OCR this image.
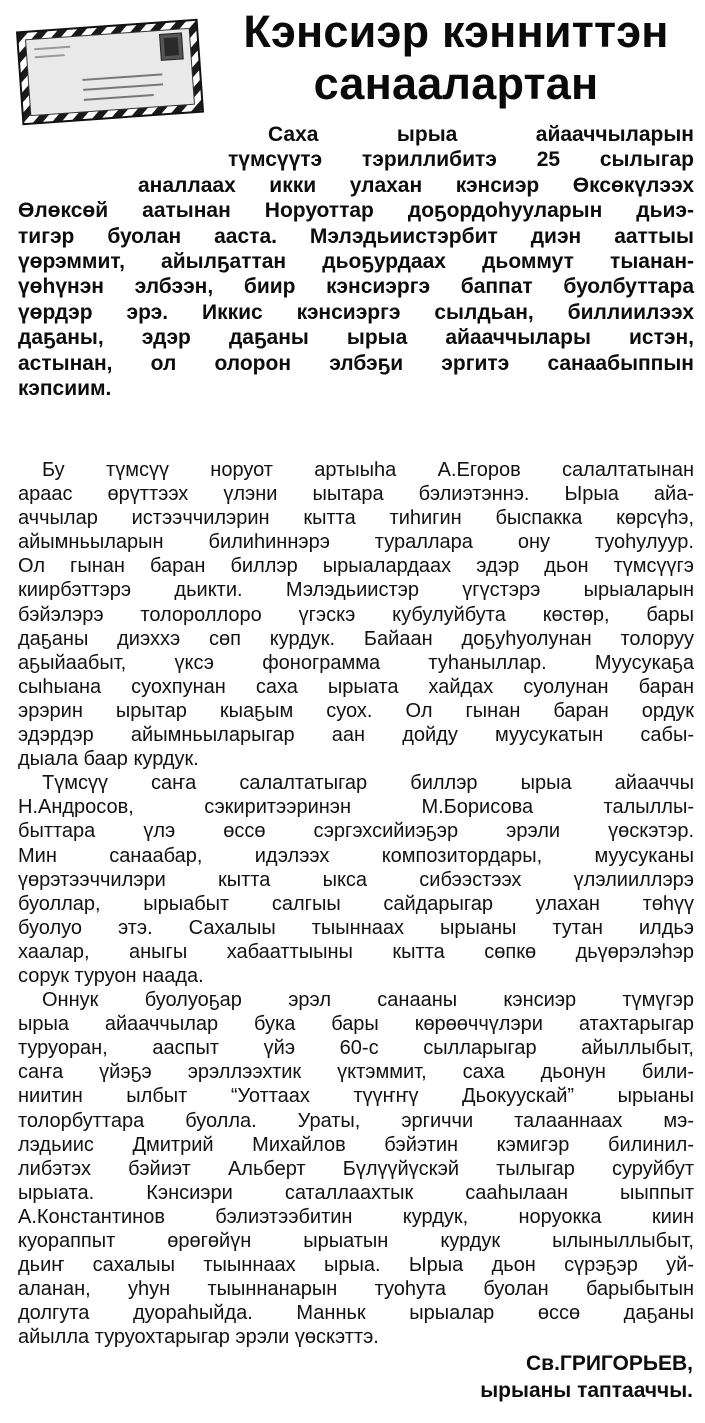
Кэнсиэр кэнниттэн
санаалартан

Саха ырыа айааччыларын
түмсүүтэ тэриллибитэ 25 сылыгар
аналлаах икки улахан кэнсиэр Өксөкүлээх
Өлөксөй аатынан Норуоттар доҕордоһууларын дьиэ-
тигэр буолан ааста. Мэлэдьиистэрбит диэн ааттыы
үөрэммит, айылҕаттан дьоҕурдаах дьоммут тыанан-
үөһүнэн элбээн, биир кэнсиэргэ баппат буолбуттара
үөрдэр эрэ. Иккис кэнсиэргэ сылдьан, биллиилээх
даҕаны, эдэр даҕаны ырыа айааччылары истэн,
астынан, ол олорон элбэҕи эргитэ санаабыппын
кэпсиим.

Бу түмсүү норуот артыыһа А.Егоров салалтатынан
араас өрүттээх үлэни ыытара бэлиэтэннэ. Ырыа айа-
аччылар истээччилэрин кытта тиһигин быспакка көрсүһэ,
айымньыларын билиһиннэрэ туралларa ону туоһулуур.
Ол гынан баран биллэр ырыалардаах эдэр дьон түмсүүгэ
киирбэттэрэ дьикти. Мэлэдьиистэр үгүстэрэ ырыаларын
бэйэлэрэ толороллоро үгэскэ кубулуйбута көстөр, бары
даҕаны диэххэ сөп курдук. Байаан доҕуһуолунан толоруу
аҕыйаабыт, үксэ фонограмма туһаныллар. Муусукаҕа
сыһыана суохпунан саха ырыата хайдах суолунан баран
эрэрин ырытар кыаҕым суох. Ол гынан баран ордук
эдэрдэр айымньыларыгар аан дойду муусукатын сабы-
дыала баар курдук.

Түмсүү саҥа салалтатыгар биллэр ырыа айааччы
Н.Андросов, сэкиритээринэн М.Борисова талыллы-
быттара үлэ өссө сэргэхсийиэҕэр эрэли үөскэтэр.
Мин санаабар, идэлээх композитордары, муусуканы
үөрэтээччилэри кытта ыкса сибээстээх үлэлииллэрэ
буоллар, ырыабыт салгыы сайдарыгар улахан төһүү
буолуо этэ. Сахалыы тыыннаах ырыаны тутан илдьэ
хаалар, аныгы хабааттыыны кытта сөпкө дьүөрэлэһэр
сорук туруон наада.

Оннук буолуоҕар эрэл санааны кэнсиэр түмүгэр
ырыа айааччылар бука бары көрөөччүлэри атахтарыгар
туруоран, ааспыт үйэ 60-с сылларыгар айыллыбыт,
саҥа үйэҕэ эрэллээхтик үктэммит, саха дьонун били-
ниитин ылбыт “Уоттаах түүҥҥү Дьокуускай” ырыаны
толорбуттара буолла. Ураты, эргиччи талааннаах мэ-
лэдьиис Дмитрий Михайлов бэйэтин кэмигэр билинил-
либэтэх бэйиэт Альберт Бүлүүйүскэй тылыгар суруйбут
ырыата. Кэнсиэри саталлаахтык сааһылаан ыыппыт
А.Константинов бэлиэтээбитин курдук, норуокка киин
куораппыт өрөгөйүн ырыатын курдук ылыныллыбыт,
дьиҥ сахалыы тыыннаах ырыа. Ырыа дьон сүрэҕэр уй-
аланан, уһун тыыннанарын туоһута буолан барыбытын
долгута дуораһыйда. Манньк ырыалар өссө даҕаны
айылла туруохтарыгар эрэли үөскэттэ.

Св.ГРИГОРЬЕВ,
ырыаны таптааччы.
